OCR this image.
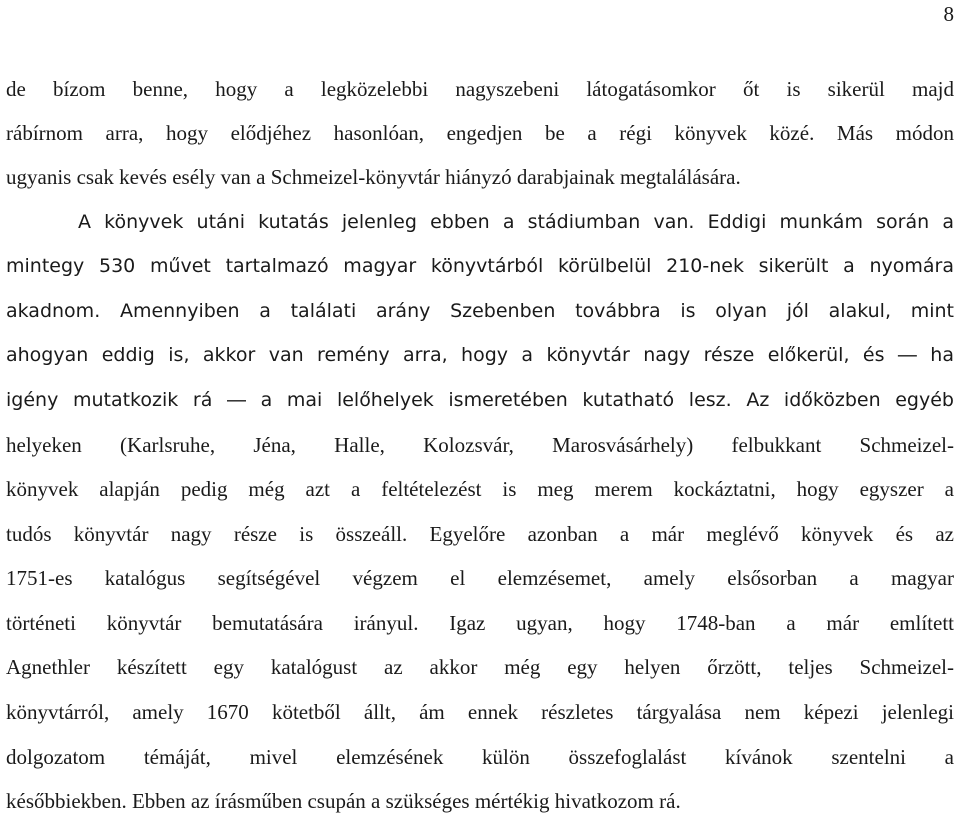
8
de bízom benne, hogy a legközelebbi nagyszebeni látogatásomkor őt is sikerül majd
rábírnom arra, hogy elődjéhez hasonlóan, engedjen be a régi könyvek közé. Más módon
ugyanis csak kevés esély van a Schmeizel-könyvtár hiányzó darabjainak megtalálására.
A könyvek utáni kutatás jelenleg ebben a stádiumban van. Eddigi munkám során a
mintegy 530 művet tartalmazó magyar könyvtárból körülbelül 210-nek sikerült a nyomára
akadnom. Amennyiben a találati arány Szebenben továbbra is olyan jól alakul, mint
ahogyan eddig is, akkor van remény arra, hogy a könyvtár nagy része előkerül, és ― ha
igény mutatkozik rá ― a mai lelőhelyek ismeretében kutatható lesz. Az időközben egyéb
helyeken (Karlsruhe, Jéna, Halle, Kolozsvár, Marosvásárhely) felbukkant Schmeizel-
könyvek alapján pedig még azt a feltételezést is meg merem kockáztatni, hogy egyszer a
tudós könyvtár nagy része is összeáll. Egyelőre azonban a már meglévő könyvek és az
1751-es katalógus segítségével végzem el elemzésemet, amely elsősorban a magyar
történeti könyvtár bemutatására irányul. Igaz ugyan, hogy 1748-ban a már említett
Agnethler készített egy katalógust az akkor még egy helyen őrzött, teljes Schmeizel-
könyvtárról, amely 1670 kötetből állt, ám ennek részletes tárgyalása nem képezi jelenlegi
dolgozatom témáját, mivel elemzésének külön összefoglalást kívánok szentelni a
későbbiekben. Ebben az írásműben csupán a szükséges mértékig hivatkozom rá.
